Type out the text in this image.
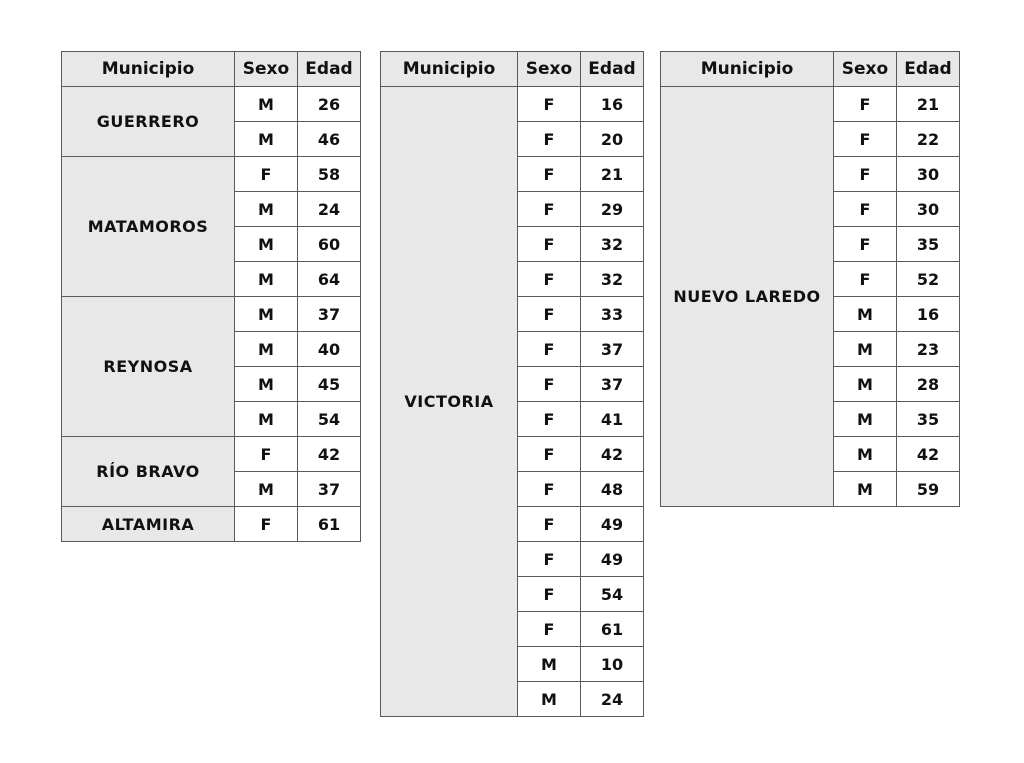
Municipio	Sexo	Edad
GUERRERO	M	26
	M	46
MATAMOROS	F	58
	M	24
	M	60
	M	64
REYNOSA	M	37
	M	40
	M	45
	M	54
RÍO BRAVO	F	42
	M	37
ALTAMIRA	F	61
Municipio	Sexo	Edad
VICTORIA	F	16
	F	20
	F	21
	F	29
	F	32
	F	32
	F	33
	F	37
	F	37
	F	41
	F	42
	F	48
	F	49
	F	49
	F	54
	F	61
	M	10
	M	24
Municipio	Sexo	Edad
NUEVO LAREDO	F	21
	F	22
	F	30
	F	30
	F	35
	F	52
	M	16
	M	23
	M	28
	M	35
	M	42
	M	59
